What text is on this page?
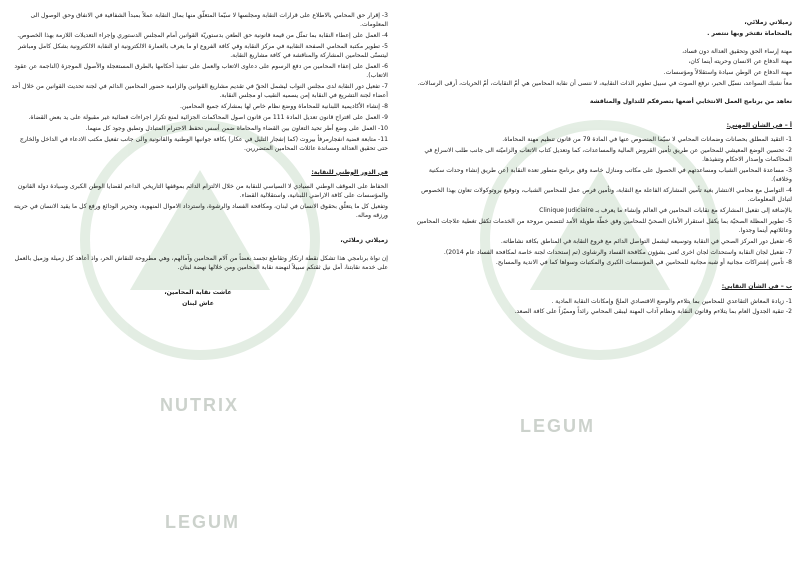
NUTRIX
LEGUM
LEGUM

3- إقرار حق المحامي بالاطلاع على قرارات النقابة ومجلسها لا سيّما المتعلّق منها بمال النقابة عملاً بمبدأ الشفافية في الانفاق وحق الوصول الى المعلومات.

4- العمل على إعطاء النقابة بما تمثّل من قيمة قانونية حق الطعن بدستوريّة القوانين أمام المجلس الدستوري وإجراء التعديلات اللازمة بهذا الخصوص.

5- تطوير مكتبة المحامي الصفحة النقابية في مركز النقابة وفي كافة الفروع او ما يعرف بالعمارة الالكترونية او النقابة الالكترونية بشكل كامل ومباشر ليتسنّى للمحامين المشاركة والمناقشة في كافة مشاريع النقابة.

6- العمل على إعفاء المحامين من دفع الرسوم على دعاوى الاتعاب والعمل على تنفيذ أحكامها بالطرق المستعجلة والأصول الموجزة (الناجمة عن عقود الاتعاب).

7- تفعيل دور النقابة لدى مجلس النواب ليشمل الحقّ في تقديم مشاريع القوانين والزامية حضور المحامين الدائم في لجنة تحديث القوانين من خلال أحد أعضاء لجنة التشريع في النقابة إمن يسميه النقيب او مجلس النقابة.

8- إنشاء الأكاديمية اللبنانية للمحاماة ووضع نظام خاص لها بمشاركة جميع المحامين.

9- العمل على اقتراح قانون تعديل المادة 111 من قانون اصول المحاكمات الجزائية لمنع تكرار اجراءات قضائية غير مقبولة على يد بعض القضاة.

10- العمل على وضع أطر تحيد التعاون بين القضاء والمحاماة ضمن أسس تحفظ الاحترام المتبادل وتطبق وجود كل منهما.

11- متابعة قضية انفجارمرفأ بيروت (كما إنفجار التليل في عكار) بكافة جوانبها الوطنية والقانونية والى جانب تفعيل مكتب الادعاء في الداخل والخارج حتى تحقيق العدالة ومساندة عائلات المحامين المتضررين.

في الدور الوطني للنقابة:

الحفاظ على الموقف الوطني السيادي لا السياسي للنقابة من خلال الالتزام الدائم بموقفها التاريخي الداعم لقضايا الوطن الكبرى وسيادة دولة القانون والمؤسسات على كافة الاراضي اللبنانية، واستقلالية القضاء.

وتفعيل كل ما يتعلّق بحقوق الانسان في لبنان، ومكافحة الفساد والرشوة، واسترداد الاموال المنهوبة، وتحرير الودائع ورفع كل ما يقيد الانسان في حريته ورزقه وماله.

زميلاتي زملائي،

إن نواة برنامجي هذا تشكل نقطة ارتكاز وتقاطع تجسد بعضاً من آلام المحامين وآمالهم، وهي مطروحة للنقاش الحر، واذ أعاهد كل زميلة وزميل بالعمل على خدمة نقابتنا، أمل نيل ثقتكم سبيلاً لنهضة نقابة المحامين ومن خلالها نهضة لبنان.

عاشت نقابة المحامين،

عاش لبنان

زميلاتي زملائي،

بالمحاماة نفتخر وبها ننتصر .

مهنة إرساء الحق وتحقيق العدالة دون فساد،

مهنة الدفاع عن الانسان وحريته أينما كان،

مهنة الدفاع عن الوطن سيادة واستقلالاً ومؤسسات.

معاً نشبك السواعد، نسيّل الحبر، نرفع الصوت في سبيل تطوير الذات النقابية، لا ننسى أن نقابة المحامين هي أمّ النقابات، أمّ الحريات، أرقى الرسالات.

نعاهد من برنامج العمل الانتخابي أضعها بتصرفكم للتداول والمناقشة

أ – في الشأن المهني:

1- التقيد المطلق بحصانات وضمانات المحامي لا سيّما المنصوص عنها في المادة 79 من قانون تنظيم مهنة المحاماة.

2- تحسين الوضع المعيشي للمحامين عن طريق تأمين القروض المالية والمساعدات، كما وتعديل كتاب الاتعاب والزاميّته الى جانب طلب الاسراع في المحاكمات وإصدار الاحكام وتنفيذها.

3- مساعدة المحامين الشباب ومساعدتهم في الحصول على مكاتب ومنازل خاصة وفق برنامج متطور تعده النقابة (عن طريق إنشاء وحدات سكنية وخلافه).

4- التواصل مع محامي الانتشار بغية تأمين المشاركة الفاعلة مع النقابة، وتأمين فرص عمل للمحامين الشباب، وتوقيع بروتوكولات تعاون بهذا الخصوص لتبادل المعلومات.

بالإضافة إلى تفعيل المشاركة مع نقابات المحامين في العالم وإنشاء ما يعرف بـ Clinique Judiciaire

5- تطوير المظلة الصحيّة بما يكفل استقرار الأمان الصحيّ للمحامين وفق خطّة طويلة الأمد لتتضمن مروحة من الخدمات تكفل تغطية علاجات المحامين وعائلاتهم أينما وجدوا.

6- تفعيل دور المركز الصحي في النقابة وتوسيعه ليشمل التواصل الدائم مع فروع النقابة في المناطق بكافة نشاطاته.

7- تفعيل لجان النقابة واستحداث لجان اخرى تُعنى بشؤون مكافحة الفساد والرشاوى (تم إستحداث لجنة خاصة لمكافحة الفساد عام 2014).

8- تأمين إشتراكات مجانية أو شبه مجانية للمحامين في المؤسسات الكبرى والمكتبات وسواها كما في الاندية والمسابح.

ب – في الشأن النقابي:

1- زيادة المعاش التقاعدي للمحامين بما يتلاءم والوضع الاقتصادي الملحّ وإمكانات النقابة المادية .

2- تنقية الجدول العام بما يتلاءم وقانون النقابة ونظام آداب المهنة ليبقى المحامي رائداً ومميّزاً على كافة الصعد.
